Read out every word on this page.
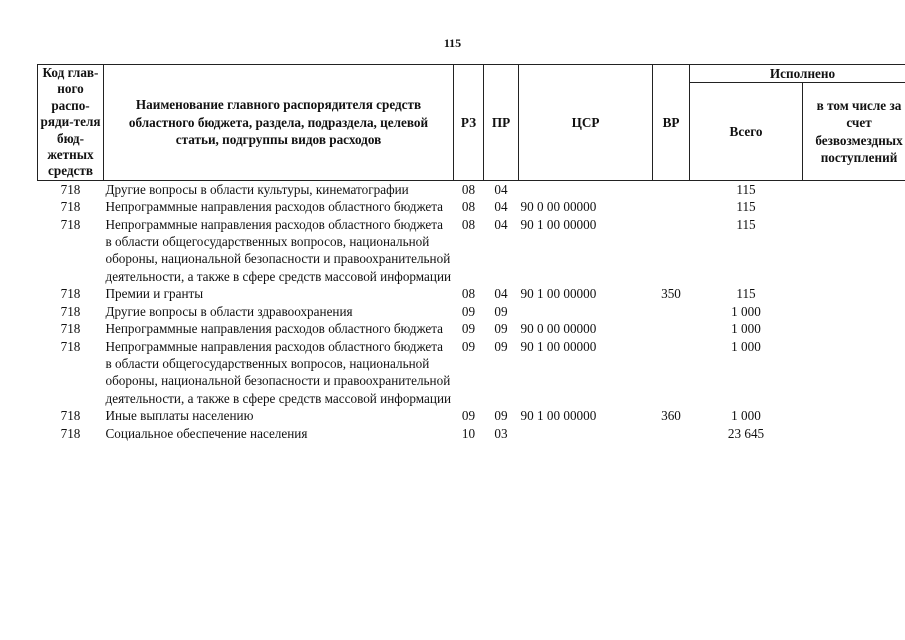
115
Код глав-ного распо-ряди-теля бюд-жетных средств	Наименование главного распорядителя средств областного бюджета, раздела, подраздела, целевой статьи, подгруппы видов расходов	РЗ	ПР	ЦСР	ВР	Исполнено	
						Всего	в том числе за счет безвозмездных поступлений
718	Другие вопросы в области культуры, кинематографии	08	04			115	
718	Непрограммные направления расходов областного бюджета	08	04	90 0 00 00000		115	
718	Непрограммные направления расходов областного бюджета в области общегосударственных вопросов, национальной обороны, национальной безопасности и правоохранительной деятельности, а также в сфере средств массовой информации	08	04	90 1 00 00000		115	
718	Премии и гранты	08	04	90 1 00 00000	350	115	
718	Другие вопросы в области здравоохранения	09	09			1 000	
718	Непрограммные направления расходов областного бюджета	09	09	90 0 00 00000		1 000	
718	Непрограммные направления расходов областного бюджета в области общегосударственных вопросов, национальной обороны, национальной безопасности и правоохранительной деятельности, а также в сфере средств массовой информации	09	09	90 1 00 00000		1 000	
718	Иные выплаты населению	09	09	90 1 00 00000	360	1 000	
718	Социальное обеспечение населения	10	03			23 645	
